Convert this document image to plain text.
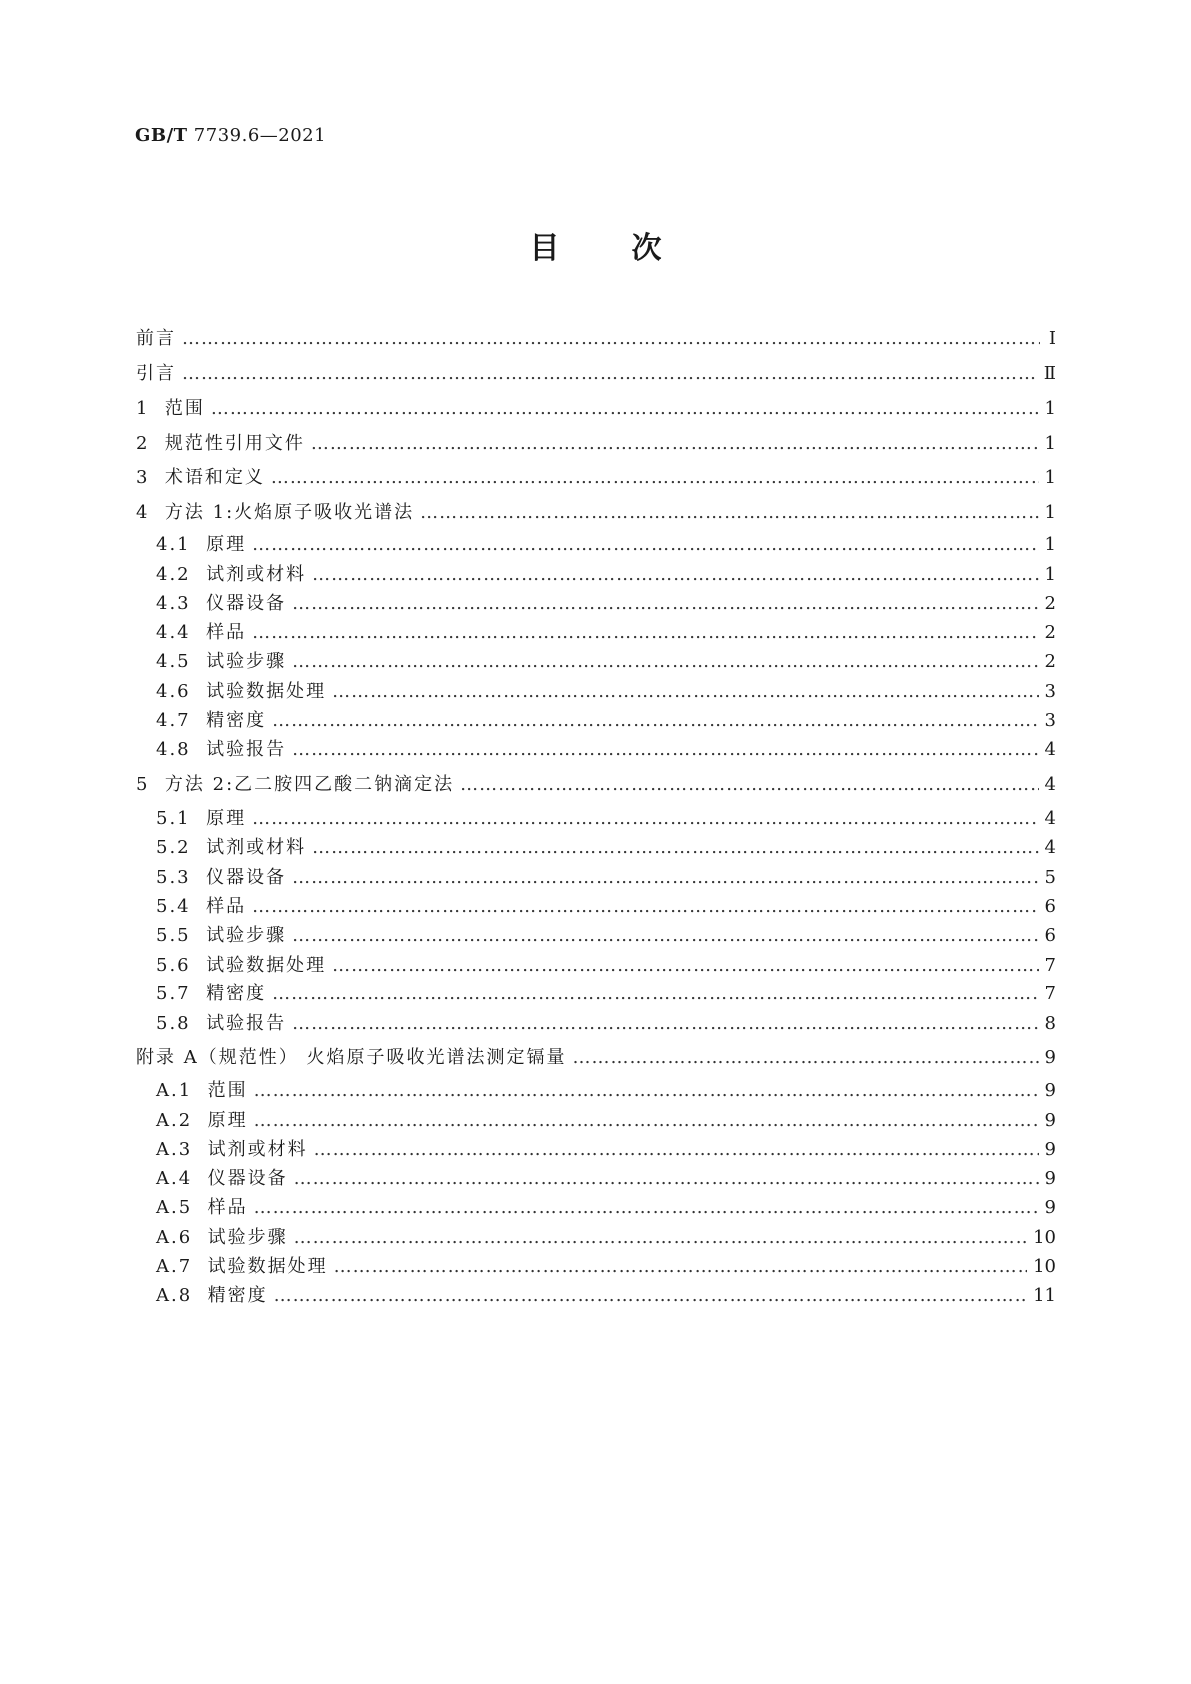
GB/T 7739.6—2021
目次
前言 …………………………………………………………………………………………………………………………………………………………………………………………………………………………	Ⅰ
引言 …………………………………………………………………………………………………………………………………………………………………………………………………………………………	Ⅱ
1  范围 …………………………………………………………………………………………………………………………………………………………………………………………………………………………	1
2  规范性引用文件 …………………………………………………………………………………………………………………………………………………………………………………………………………………………	1
3  术语和定义 …………………………………………………………………………………………………………………………………………………………………………………………………………………………	1
4  方法 1:火焰原子吸收光谱法 …………………………………………………………………………………………………………………………………………………………………………………………………………………………	1
4.1  原理 …………………………………………………………………………………………………………………………………………………………………………………………………………………………	1
4.2  试剂或材料 …………………………………………………………………………………………………………………………………………………………………………………………………………………………	1
4.3  仪器设备 …………………………………………………………………………………………………………………………………………………………………………………………………………………………	2
4.4  样品 …………………………………………………………………………………………………………………………………………………………………………………………………………………………	2
4.5  试验步骤 …………………………………………………………………………………………………………………………………………………………………………………………………………………………	2
4.6  试验数据处理 …………………………………………………………………………………………………………………………………………………………………………………………………………………………	3
4.7  精密度 …………………………………………………………………………………………………………………………………………………………………………………………………………………………	3
4.8  试验报告 …………………………………………………………………………………………………………………………………………………………………………………………………………………………	4
5  方法 2:乙二胺四乙酸二钠滴定法 …………………………………………………………………………………………………………………………………………………………………………………………………………………………	4
5.1  原理 …………………………………………………………………………………………………………………………………………………………………………………………………………………………	4
5.2  试剂或材料 …………………………………………………………………………………………………………………………………………………………………………………………………………………………	4
5.3  仪器设备 …………………………………………………………………………………………………………………………………………………………………………………………………………………………	5
5.4  样品 …………………………………………………………………………………………………………………………………………………………………………………………………………………………	6
5.5  试验步骤 …………………………………………………………………………………………………………………………………………………………………………………………………………………………	6
5.6  试验数据处理 …………………………………………………………………………………………………………………………………………………………………………………………………………………………	7
5.7  精密度 …………………………………………………………………………………………………………………………………………………………………………………………………………………………	7
5.8  试验报告 …………………………………………………………………………………………………………………………………………………………………………………………………………………………	8
附录 A（规范性） 火焰原子吸收光谱法测定镉量 …………………………………………………………………………………………………………………………………………………………………………………………………………………………	9
A.1  范围 …………………………………………………………………………………………………………………………………………………………………………………………………………………………	9
A.2  原理 …………………………………………………………………………………………………………………………………………………………………………………………………………………………	9
A.3  试剂或材料 …………………………………………………………………………………………………………………………………………………………………………………………………………………………	9
A.4  仪器设备 …………………………………………………………………………………………………………………………………………………………………………………………………………………………	9
A.5  样品 …………………………………………………………………………………………………………………………………………………………………………………………………………………………	9
A.6  试验步骤 …………………………………………………………………………………………………………………………………………………………………………………………………………………………	10
A.7  试验数据处理 …………………………………………………………………………………………………………………………………………………………………………………………………………………………	10
A.8  精密度 …………………………………………………………………………………………………………………………………………………………………………………………………………………………	11
